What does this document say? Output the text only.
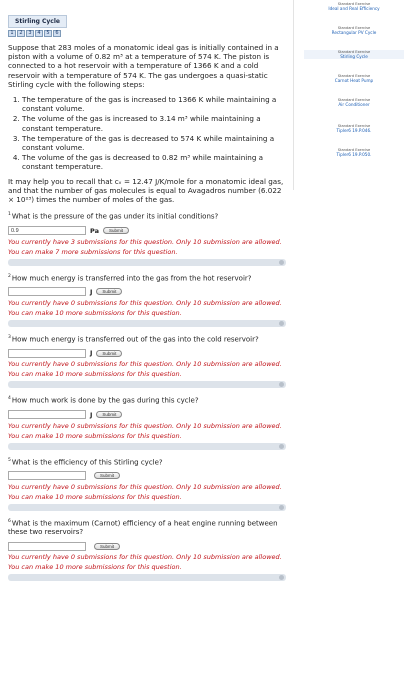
Stirling Cycle
1	2	3	4	5	6

Suppose that 283 moles of a monatomic ideal gas is initially contained in a piston with a volume of 0.82 m³ at a temperature of 574 K. The piston is connected to a hot reservoir with a temperature of 1366 K and a cold reservoir with a temperature of 574 K. The gas undergoes a quasi-static Stirling cycle with the following steps:

1. The temperature of the gas is increased to 1366 K while maintaining a constant volume.
2. The volume of the gas is increased to 3.14 m³ while maintaining a constant temperature.
3. The temperature of the gas is decreased to 574 K while maintaining a constant volume.
4. The volume of the gas is decreased to 0.82 m³ while maintaining a constant temperature.

It may help you to recall that cᵥ = 12.47 J/K/mole for a monatomic ideal gas, and that the number of gas molecules is equal to Avagadros number (6.022 × 10²³) times the number of moles of the gas.

$^1$What is the pressure of the gas under its initial conditions?

0.9
Pa	Submit
You currently have 3 submissions for this question. Only 10 submission are allowed.
You can make 7 more submissions for this question.

$^2$How much energy is transferred into the gas from the hot reservoir?

J	Submit
You currently have 0 submissions for this question. Only 10 submission are allowed.
You can make 10 more submissions for this question.

$^3$How much energy is transferred out of the gas into the cold reservoir?

J	Submit
You currently have 0 submissions for this question. Only 10 submission are allowed.
You can make 10 more submissions for this question.

$^4$How much work is done by the gas during this cycle?

J	Submit
You currently have 0 submissions for this question. Only 10 submission are allowed.
You can make 10 more submissions for this question.

$^5$What is the efficiency of this Stirling cycle?

Submit
You currently have 0 submissions for this question. Only 10 submission are allowed.
You can make 10 more submissions for this question.

$^6$What is the maximum (Carnot) efficiency of a heat engine running between these two reservoirs?

Submit
You currently have 0 submissions for this question. Only 10 submission are allowed.
You can make 10 more submissions for this question.
Standard Exercise
Ideal and Real Efficiency
Standard Exercise
Rectangular PV Cycle
Standard Exercise
Stirling Cycle
Standard Exercise
Carnot Heat Pump
Standard Exercise
Air Conditioner
Standard Exercise
Tipler6 19.P.046.
Standard Exercise
Tipler6 19.P.050.
